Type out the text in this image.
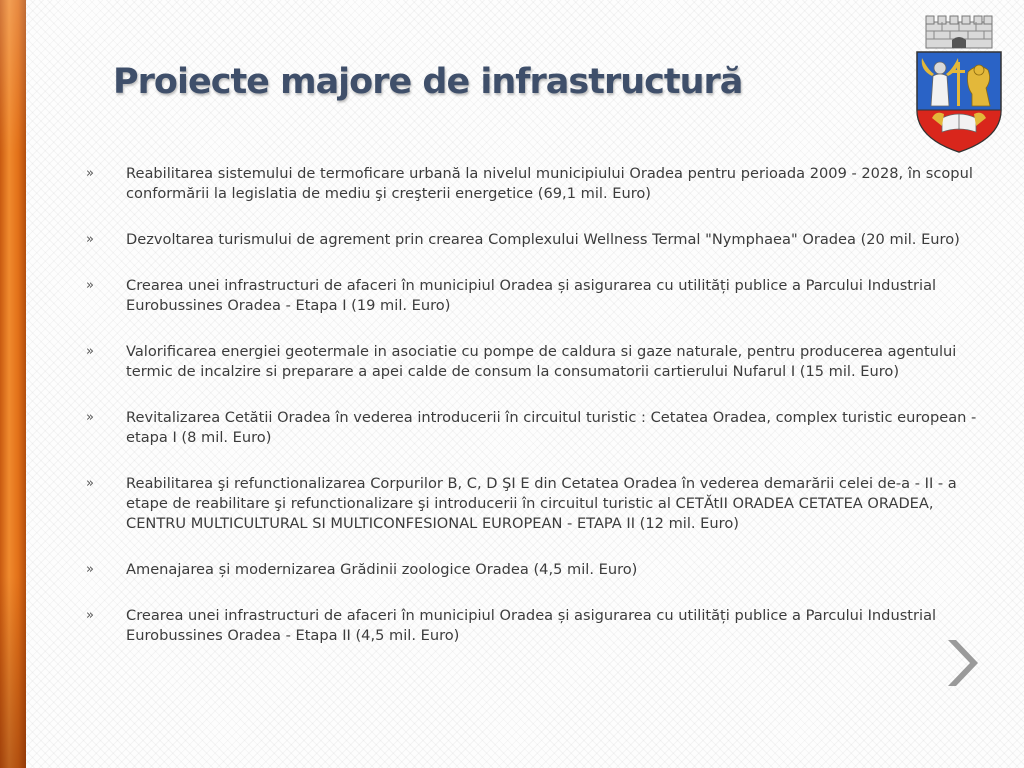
Proiecte majore de infrastructură
»	Reabilitarea sistemului de termoficare urbană la nivelul municipiului Oradea pentru perioada 2009 - 2028, în scopul conformării la legislatia de mediu şi creşterii energetice (69,1 mil. Euro)
»	Dezvoltarea turismului de agrement prin crearea Complexului Wellness Termal "Nymphaea" Oradea (20 mil. Euro)
»	Crearea unei infrastructuri de afaceri în municipiul Oradea și asigurarea cu utilități publice a Parcului Industrial Eurobussines Oradea - Etapa I (19 mil. Euro)
»	Valorificarea energiei geotermale in asociatie cu pompe de caldura si gaze naturale, pentru producerea agentului termic de incalzire si preparare a apei calde de consum la consumatorii cartierului Nufarul I (15 mil. Euro)
»	Revitalizarea Cetătii Oradea în vederea introducerii în circuitul turistic : Cetatea Oradea, complex turistic european - etapa I (8 mil. Euro)
»	Reabilitarea şi refunctionalizarea Corpurilor B, C, D ŞI E din Cetatea Oradea în vederea demarării celei de-a - II - a etape de reabilitare şi refunctionalizare şi introducerii în circuitul turistic al CETĂtII ORADEA CETATEA ORADEA, CENTRU MULTICULTURAL SI MULTICONFESIONAL EUROPEAN - ETAPA II (12 mil. Euro)
»	Amenajarea și modernizarea Grădinii zoologice Oradea (4,5 mil. Euro)
»	Crearea unei infrastructuri de afaceri în municipiul Oradea și asigurarea cu utilități publice a Parcului Industrial Eurobussines Oradea - Etapa II (4,5 mil. Euro)
